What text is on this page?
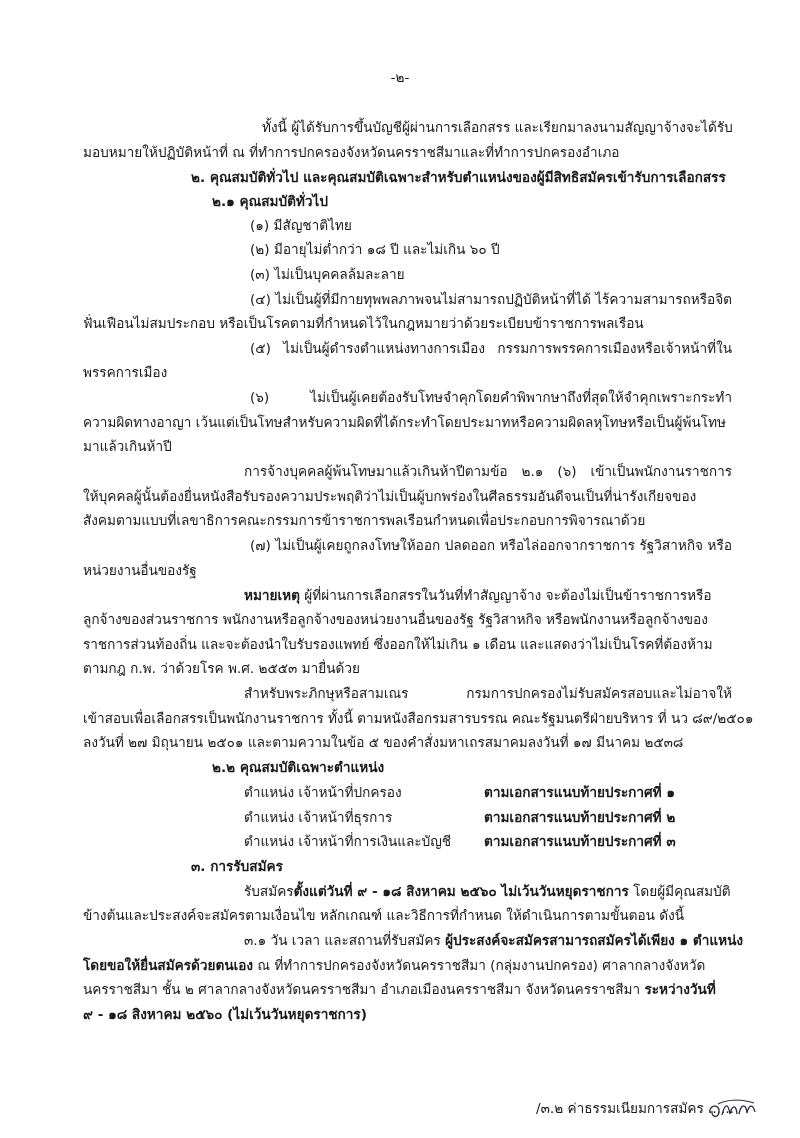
-๒-
ทั้งนี้ ผู้ได้รับการขึ้นบัญชีผู้ผ่านการเลือกสรร และเรียกมาลงนามสัญญาจ้างจะได้รับ
มอบหมายให้ปฏิบัติหน้าที่ ณ ที่ทำการปกครองจังหวัดนครราชสีมาและที่ทำการปกครองอำเภอ
๒. คุณสมบัติทั่วไป และคุณสมบัติเฉพาะสำหรับตำแหน่งของผู้มีสิทธิสมัครเข้ารับการเลือกสรร
๒.๑ คุณสมบัติทั่วไป
(๑) มีสัญชาติไทย
(๒) มีอายุไม่ต่ำกว่า ๑๘ ปี และไม่เกิน ๖๐ ปี
(๓) ไม่เป็นบุคคลล้มละลาย
(๔) ไม่เป็นผู้ที่มีกายทุพพลภาพจนไม่สามารถปฏิบัติหน้าที่ได้ ไร้ความสามารถหรือจิต
ฟั่นเฟือนไม่สมประกอบ หรือเป็นโรคตามที่กำหนดไว้ในกฎหมายว่าด้วยระเบียบข้าราชการพลเรือน
(๕) ไม่เป็นผู้ดำรงตำแหน่งทางการเมือง กรรมการพรรคการเมืองหรือเจ้าหน้าที่ใน
พรรคการเมือง
(๖) ไม่เป็นผู้เคยต้องรับโทษจำคุกโดยคำพิพากษาถึงที่สุดให้จำคุกเพราะกระทำ
ความผิดทางอาญา เว้นแต่เป็นโทษสำหรับความผิดที่ได้กระทำโดยประมาทหรือความผิดลหุโทษหรือเป็นผู้พ้นโทษ
มาแล้วเกินห้าปี
การจ้างบุคคลผู้พ้นโทษมาแล้วเกินห้าปีตามข้อ ๒.๑ (๖) เข้าเป็นพนักงานราชการ
ให้บุคคลผู้นั้นต้องยื่นหนังสือรับรองความประพฤติว่าไม่เป็นผู้บกพร่องในศีลธรรมอันดีจนเป็นที่น่ารังเกียจของ
สังคมตามแบบที่เลขาธิการคณะกรรมการข้าราชการพลเรือนกำหนดเพื่อประกอบการพิจารณาด้วย
(๗) ไม่เป็นผู้เคยถูกลงโทษให้ออก ปลดออก หรือไล่ออกจากราชการ รัฐวิสาหกิจ หรือ
หน่วยงานอื่นของรัฐ
หมายเหตุ ผู้ที่ผ่านการเลือกสรรในวันที่ทำสัญญาจ้าง จะต้องไม่เป็นข้าราชการหรือ
ลูกจ้างของส่วนราชการ พนักงานหรือลูกจ้างของหน่วยงานอื่นของรัฐ รัฐวิสาหกิจ หรือพนักงานหรือลูกจ้างของ
ราชการส่วนท้องถิ่น และจะต้องนำใบรับรองแพทย์ ซึ่งออกให้ไม่เกิน ๑ เดือน และแสดงว่าไม่เป็นโรคที่ต้องห้าม
ตามกฎ ก.พ. ว่าด้วยโรค พ.ศ. ๒๕๕๓ มายื่นด้วย
สำหรับพระภิกษุหรือสามเณร กรมการปกครองไม่รับสมัครสอบและไม่อาจให้
เข้าสอบเพื่อเลือกสรรเป็นพนักงานราชการ ทั้งนี้ ตามหนังสือกรมสารบรรณ คณะรัฐมนตรีฝ่ายบริหาร ที่ นว ๘๙/๒๕๐๑
ลงวันที่ ๒๗ มิถุนายน ๒๕๐๑ และตามความในข้อ ๕ ของคำสั่งมหาเถรสมาคมลงวันที่ ๑๗ มีนาคม ๒๕๓๘
๒.๒ คุณสมบัติเฉพาะตำแหน่ง
ตำแหน่ง เจ้าหน้าที่ปกครอง	ตามเอกสารแนบท้ายประกาศที่ ๑
ตำแหน่ง เจ้าหน้าที่ธุรการ	ตามเอกสารแนบท้ายประกาศที่ ๒
ตำแหน่ง เจ้าหน้าที่การเงินและบัญชี ตามเอกสารแนบท้ายประกาศที่ ๓
๓. การรับสมัคร
รับสมัครตั้งแต่วันที่ ๙ - ๑๘ สิงหาคม ๒๕๖๐ ไม่เว้นวันหยุดราชการ โดยผู้มีคุณสมบัติ
ข้างต้นและประสงค์จะสมัครตามเงื่อนไข หลักเกณฑ์ และวิธีการที่กำหนด ให้ดำเนินการตามขั้นตอน ดังนี้
๓.๑ วัน เวลา และสถานที่รับสมัคร ผู้ประสงค์จะสมัครสามารถสมัครได้เพียง ๑ ตำแหน่ง
โดยขอให้ยื่นสมัครด้วยตนเอง ณ ที่ทำการปกครองจังหวัดนครราชสีมา (กลุ่มงานปกครอง) ศาลากลางจังหวัด
นครราชสีมา ชั้น ๒ ศาลากลางจังหวัดนครราชสีมา อำเภอเมืองนครราชสีมา จังหวัดนครราชสีมา ระหว่างวันที่
๙ - ๑๘ สิงหาคม ๒๕๖๐ (ไม่เว้นวันหยุดราชการ)
/๓.๒ ค่าธรรมเนียมการสมัคร ......
